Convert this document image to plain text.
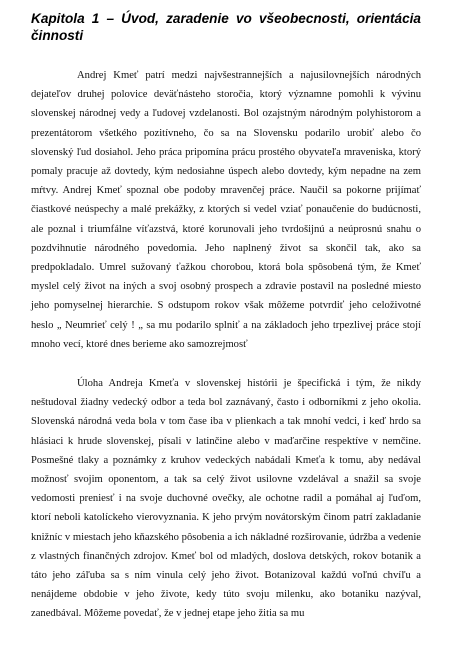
Kapitola 1 – Úvod, zaradenie vo všeobecnosti, orientácia činnosti

Andrej Kmeť patrí medzi najvšestrannejších a najusilovnejších národných dejateľov druhej polovice deväťnásteho storočia, ktorý významne pomohli k vývinu slovenskej národnej vedy a ľudovej vzdelanosti. Bol ozajstným národným polyhistorom a prezentátorom všetkého pozitívneho, čo sa na Slovensku podarilo urobiť alebo čo slovenský ľud dosiahol. Jeho práca pripomína prácu prostého obyvateľa mraveniska, ktorý pomaly pracuje až dovtedy, kým nedosiahne úspech alebo dovtedy, kým nepadne na zem mŕtvy. Andrej Kmeť spoznal obe podoby mravenčej práce. Naučil sa pokorne prijímať čiastkové neúspechy a malé prekážky, z ktorých si vedel vziať ponaučenie do budúcnosti, ale poznal i triumfálne víťazstvá, ktoré korunovali jeho tvrdošijnú a neúprosnú snahu o pozdvihnutie národného povedomia. Jeho naplnený život sa skončil tak, ako sa predpokladalo. Umrel sužovaný ťažkou chorobou, ktorá bola spôsobená tým, že Kmeť myslel celý život na iných a svoj osobný prospech a zdravie postavil na posledné miesto jeho pomyselnej hierarchie. S odstupom rokov však môžeme potvrdiť jeho celoživotné heslo „ Neumrieť celý ! „ sa mu podarilo splniť a na základoch jeho trpezlivej práce stojí mnoho vecí, ktoré dnes berieme ako samozrejmosť

Úloha Andreja Kmeťa v slovenskej histórii je špecifická i tým, že nikdy neštudoval žiadny vedecký odbor a teda bol zaznávaný, často i odborníkmi z jeho okolia. Slovenská národná veda bola v tom čase iba v plienkach a tak mnohí vedci, i keď hrdo sa hlásiaci k hrude slovenskej, písali v latinčine alebo v maďarčine respektíve v nemčine. Posmešné tlaky a poznámky z kruhov vedeckých nabádali Kmeťa k tomu, aby nedával možnosť svojim oponentom, a tak sa celý život usilovne vzdelával a snažil sa svoje vedomosti preniesť i na svoje duchovné ovečky, ale ochotne radil a pomáhal aj ľuďom, ktorí neboli katolíckeho vierovyznania. K jeho prvým novátorským činom patrí zakladanie knižníc v miestach jeho kňazského pôsobenia a ich nákladné rozširovanie, údržba a vedenie z vlastných finančných zdrojov. Kmeť bol od mladých, doslova detských, rokov botanik a táto jeho záľuba sa s ním vinula celý jeho život. Botanizoval každú voľnú chvíľu a nenájdeme obdobie v jeho živote, kedy túto svoju milenku, ako botaniku nazýval, zanedbával. Môžeme povedať, že v jednej etape jeho žitia sa mu
